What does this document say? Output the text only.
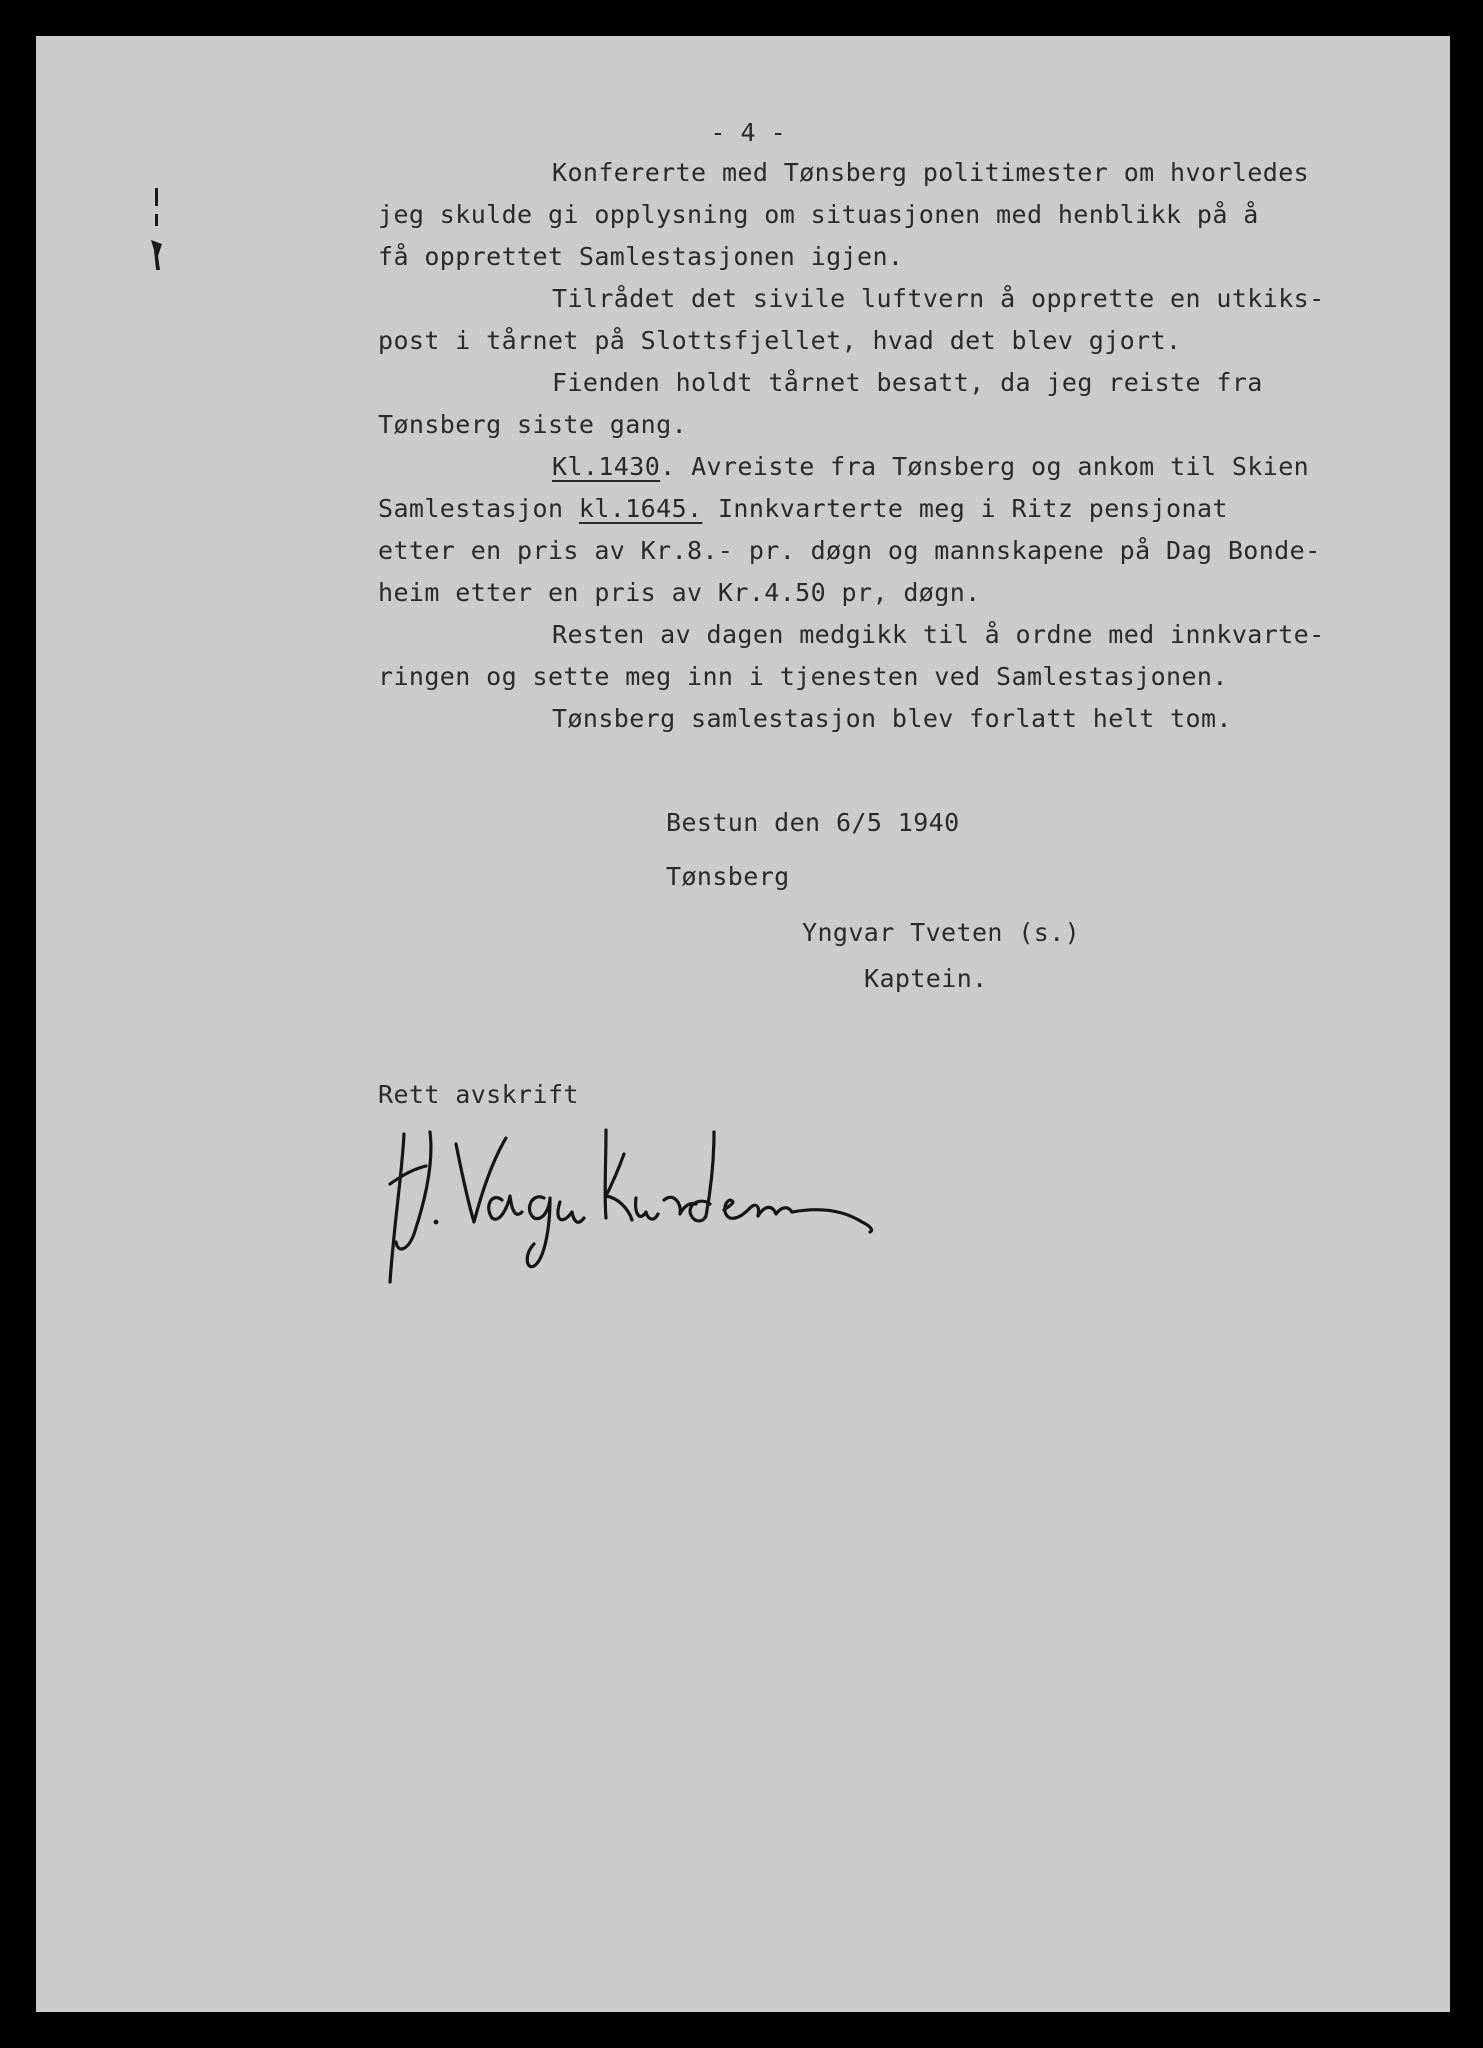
- 4 -
Konfererte med Tønsberg politimester om hvorledes
jeg skulde gi opplysning om situasjonen med henblikk på å
få opprettet Samlestasjonen igjen.
Tilrådet det sivile luftvern å opprette en utkiks-
post i tårnet på Slottsfjellet, hvad det blev gjort.
Fienden holdt tårnet besatt, da jeg reiste fra
Tønsberg siste gang.
Kl.1430. Avreiste fra Tønsberg og ankom til Skien
Samlestasjon kl.1645. Innkvarterte meg i Ritz pensjonat
etter en pris av Kr.8.- pr. døgn og mannskapene på Dag Bonde-
heim etter en pris av Kr.4.50 pr, døgn.
Resten av dagen medgikk til å ordne med innkvarte-
ringen og sette meg inn i tjenesten ved Samlestasjonen.
Tønsberg samlestasjon blev forlatt helt tom.
Bestun den 6/5 1940
Tønsberg
Yngvar Tveten (s.)
Kaptein.
Rett avskrift
